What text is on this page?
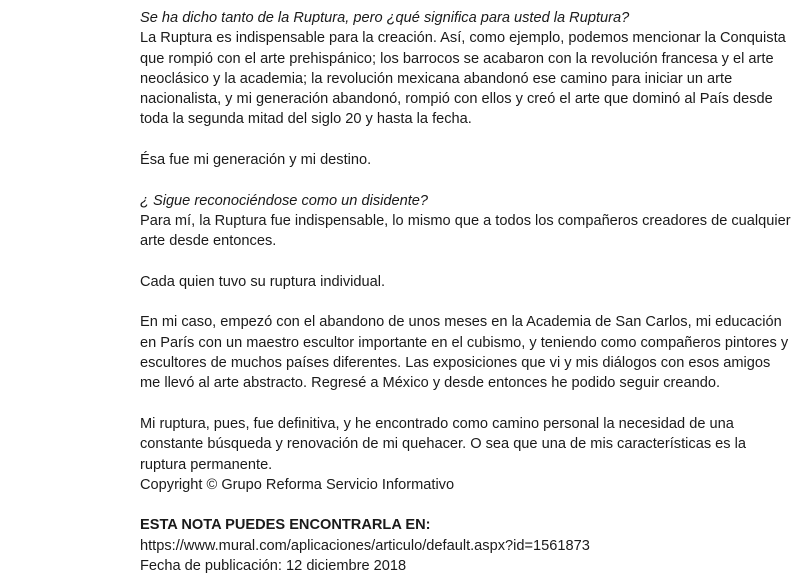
Se ha dicho tanto de la Ruptura, pero ¿qué significa para usted la Ruptura?

La Ruptura es indispensable para la creación. Así, como ejemplo, podemos mencionar la Conquista que rompió con el arte prehispánico; los barrocos se acabaron con la revolución francesa y el arte neoclásico y la academia; la revolución mexicana abandonó ese camino para iniciar un arte nacionalista, y mi generación abandonó, rompió con ellos y creó el arte que dominó al País desde toda la segunda mitad del siglo 20 y hasta la fecha.

Ésa fue mi generación y mi destino.

¿ Sigue reconociéndose como un disidente?

Para mí, la Ruptura fue indispensable, lo mismo que a todos los compañeros creadores de cualquier arte desde entonces.

Cada quien tuvo su ruptura individual.

En mi caso, empezó con el abandono de unos meses en la Academia de San Carlos, mi educación en París con un maestro escultor importante en el cubismo, y teniendo como compañeros pintores y escultores de muchos países diferentes. Las exposiciones que vi y mis diálogos con esos amigos me llevó al arte abstracto. Regresé a México y desde entonces he podido seguir creando.

Mi ruptura, pues, fue definitiva, y he encontrado como camino personal la necesidad de una constante búsqueda y renovación de mi quehacer. O sea que una de mis características es la ruptura permanente.

Copyright © Grupo Reforma Servicio Informativo

ESTA NOTA PUEDES ENCONTRARLA EN:

https://www.mural.com/aplicaciones/articulo/default.aspx?id=1561873

Fecha de publicación: 12 diciembre 2018
